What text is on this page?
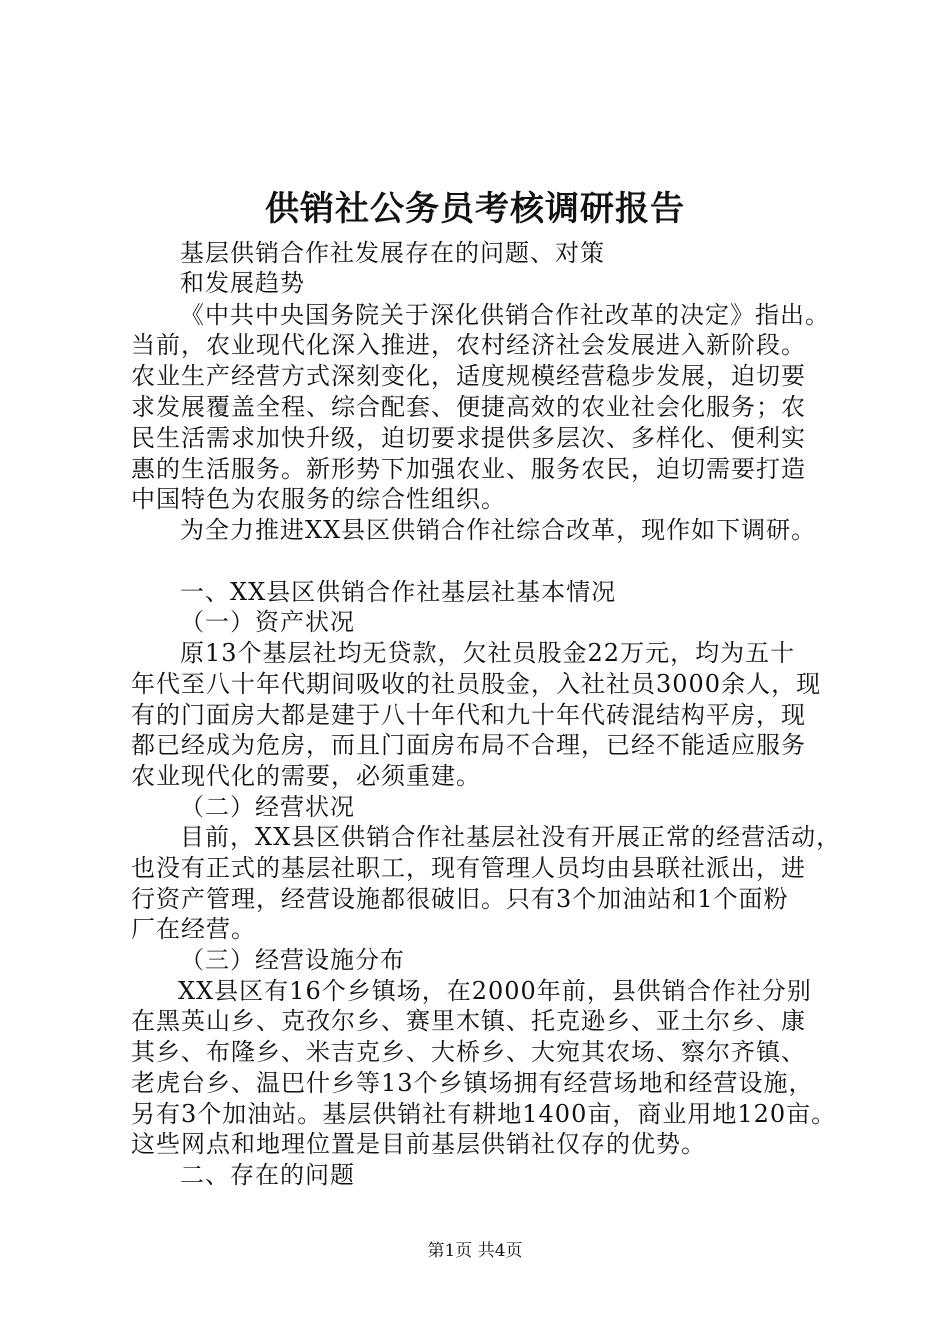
供销社公务员考核调研报告
基层供销合作社发展存在的问题、对策
和发展趋势
《中共中央国务院关于深化供销合作社改革的决定》指出。
当前，农业现代化深入推进，农村经济社会发展进入新阶段。
农业生产经营方式深刻变化，适度规模经营稳步发展，迫切要
求发展覆盖全程、综合配套、便捷高效的农业社会化服务；农
民生活需求加快升级，迫切要求提供多层次、多样化、便利实
惠的生活服务。新形势下加强农业、服务农民，迫切需要打造
中国特色为农服务的综合性组织。
为全力推进XX县区供销合作社综合改革，现作如下调研。
一、XX县区供销合作社基层社基本情况
（一）资产状况
原13个基层社均无贷款，欠社员股金22万元，均为五十
年代至八十年代期间吸收的社员股金，入社社员3000余人，现
有的门面房大都是建于八十年代和九十年代砖混结构平房，现
都已经成为危房，而且门面房布局不合理，已经不能适应服务
农业现代化的需要，必须重建。
（二）经营状况
目前，XX县区供销合作社基层社没有开展正常的经营活动，
也没有正式的基层社职工，现有管理人员均由县联社派出，进
行资产管理，经营设施都很破旧。只有3个加油站和1个面粉
厂在经营。
（三）经营设施分布
XX县区有16个乡镇场，在2000年前，县供销合作社分别
在黑英山乡、克孜尔乡、赛里木镇、托克逊乡、亚土尔乡、康
其乡、布隆乡、米吉克乡、大桥乡、大宛其农场、察尔齐镇、
老虎台乡、温巴什乡等13个乡镇场拥有经营场地和经营设施，
另有3个加油站。基层供销社有耕地1400亩，商业用地120亩。
这些网点和地理位置是目前基层供销社仅存的优势。
二、存在的问题
第1页 共4页
